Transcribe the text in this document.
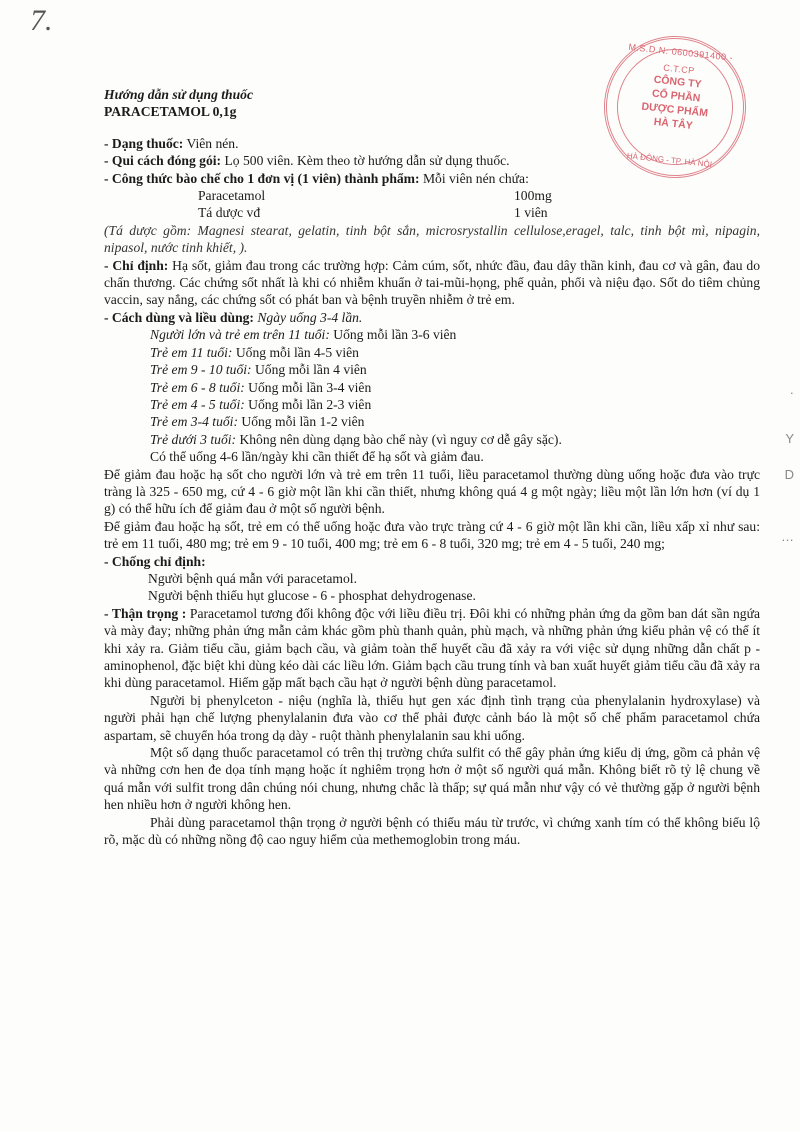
7.
M.S.D.N: 0600391400 - C.T.CP
CÔNG TY
CỔ PHẦN
DƯỢC PHẨM
HÀ TÂY
HÀ ĐÔNG - TP. HÀ NỘI
·
Y
D
…
Hướng dẫn sử dụng thuốc
PARACETAMOL 0,1g

- Dạng thuốc: Viên nén.

- Qui cách đóng gói: Lọ 500 viên. Kèm theo tờ hướng dẫn sử dụng thuốc.

- Công thức bào chế cho 1 đơn vị (1 viên) thành phẩm: Mỗi viên nén chứa:

Paracetamol	100mg
Tá dược vđ	1 viên

(Tá dược gồm: Magnesi stearat, gelatin, tinh bột sắn, microsrystallin cellulose,eragel, talc, tinh bột mì, nipagin, nipasol, nước tinh khiết, ).

- Chỉ định: Hạ sốt, giảm đau trong các trường hợp: Cảm cúm, sốt, nhức đầu, đau dây thần kinh, đau cơ và gân, đau do chấn thương. Các chứng sốt nhất là khi có nhiễm khuẩn ở tai-mũi-họng, phế quản, phổi và niệu đạo. Sốt do tiêm chủng vaccin, say nắng, các chứng sốt có phát ban và bệnh truyền nhiễm ở trẻ em.

- Cách dùng và liều dùng: Ngày uống 3-4 lần.

Người lớn và trẻ em trên 11 tuổi: Uống mỗi lần 3-6 viên
Trẻ em 11 tuổi: Uống mỗi lần 4-5 viên
Trẻ em 9 - 10 tuổi: Uống mỗi lần 4 viên
Trẻ em 6 - 8 tuổi: Uống mỗi lần 3-4 viên
Trẻ em 4 - 5 tuổi: Uống mỗi lần 2-3 viên
Trẻ em 3-4 tuổi: Uống mỗi lần 1-2 viên
Trẻ dưới 3 tuổi: Không nên dùng dạng bào chế này (vì nguy cơ dễ gây sặc).
Có thể uống 4-6 lần/ngày khi cần thiết để hạ sốt và giảm đau.

Để giảm đau hoặc hạ sốt cho người lớn và trẻ em trên 11 tuổi, liều paracetamol thường dùng uống hoặc đưa vào trực tràng là 325 - 650 mg, cứ 4 - 6 giờ một lần khi cần thiết, nhưng không quá 4 g một ngày; liều một lần lớn hơn (ví dụ 1 g) có thể hữu ích để giảm đau ở một số người bệnh.

Để giảm đau hoặc hạ sốt, trẻ em có thể uống hoặc đưa vào trực tràng cứ 4 - 6 giờ một lần khi cần, liều xấp xỉ như sau: trẻ em 11 tuổi, 480 mg; trẻ em 9 - 10 tuổi, 400 mg; trẻ em 6 - 8 tuổi, 320 mg; trẻ em 4 - 5 tuổi, 240 mg;

- Chống chỉ định:

Người bệnh quá mẫn với paracetamol.
Người bệnh thiếu hụt glucose - 6 - phosphat dehydrogenase.

- Thận trọng : Paracetamol tương đối không độc với liều điều trị. Đôi khi có những phản ứng da gồm ban dát sần ngứa và mày đay; những phản ứng mẫn cảm khác gồm phù thanh quản, phù mạch, và những phản ứng kiểu phản vệ có thể ít khi xảy ra. Giảm tiểu cầu, giảm bạch cầu, và giảm toàn thể huyết cầu đã xảy ra với việc sử dụng những dẫn chất p - aminophenol, đặc biệt khi dùng kéo dài các liều lớn. Giảm bạch cầu trung tính và ban xuất huyết giảm tiểu cầu đã xảy ra khi dùng paracetamol. Hiếm gặp mất bạch cầu hạt ở người bệnh dùng paracetamol.

Người bị phenylceton - niệu (nghĩa là, thiếu hụt gen xác định tình trạng của phenylalanin hydroxylase) và người phải hạn chế lượng phenylalanin đưa vào cơ thể phải được cảnh báo là một số chế phẩm paracetamol chứa aspartam, sẽ chuyển hóa trong dạ dày - ruột thành phenylalanin sau khi uống.

Một số dạng thuốc paracetamol có trên thị trường chứa sulfit có thể gây phản ứng kiểu dị ứng, gồm cả phản vệ và những cơn hen đe dọa tính mạng hoặc ít nghiêm trọng hơn ở một số người quá mẫn. Không biết rõ tỷ lệ chung về quá mẫn với sulfit trong dân chúng nói chung, nhưng chắc là thấp; sự quá mẫn như vậy có vẻ thường gặp ở người bệnh hen nhiều hơn ở người không hen.

Phải dùng paracetamol thận trọng ở người bệnh có thiếu máu từ trước, vì chứng xanh tím có thể không biểu lộ rõ, mặc dù có những nồng độ cao nguy hiểm của methemoglobin trong máu.
